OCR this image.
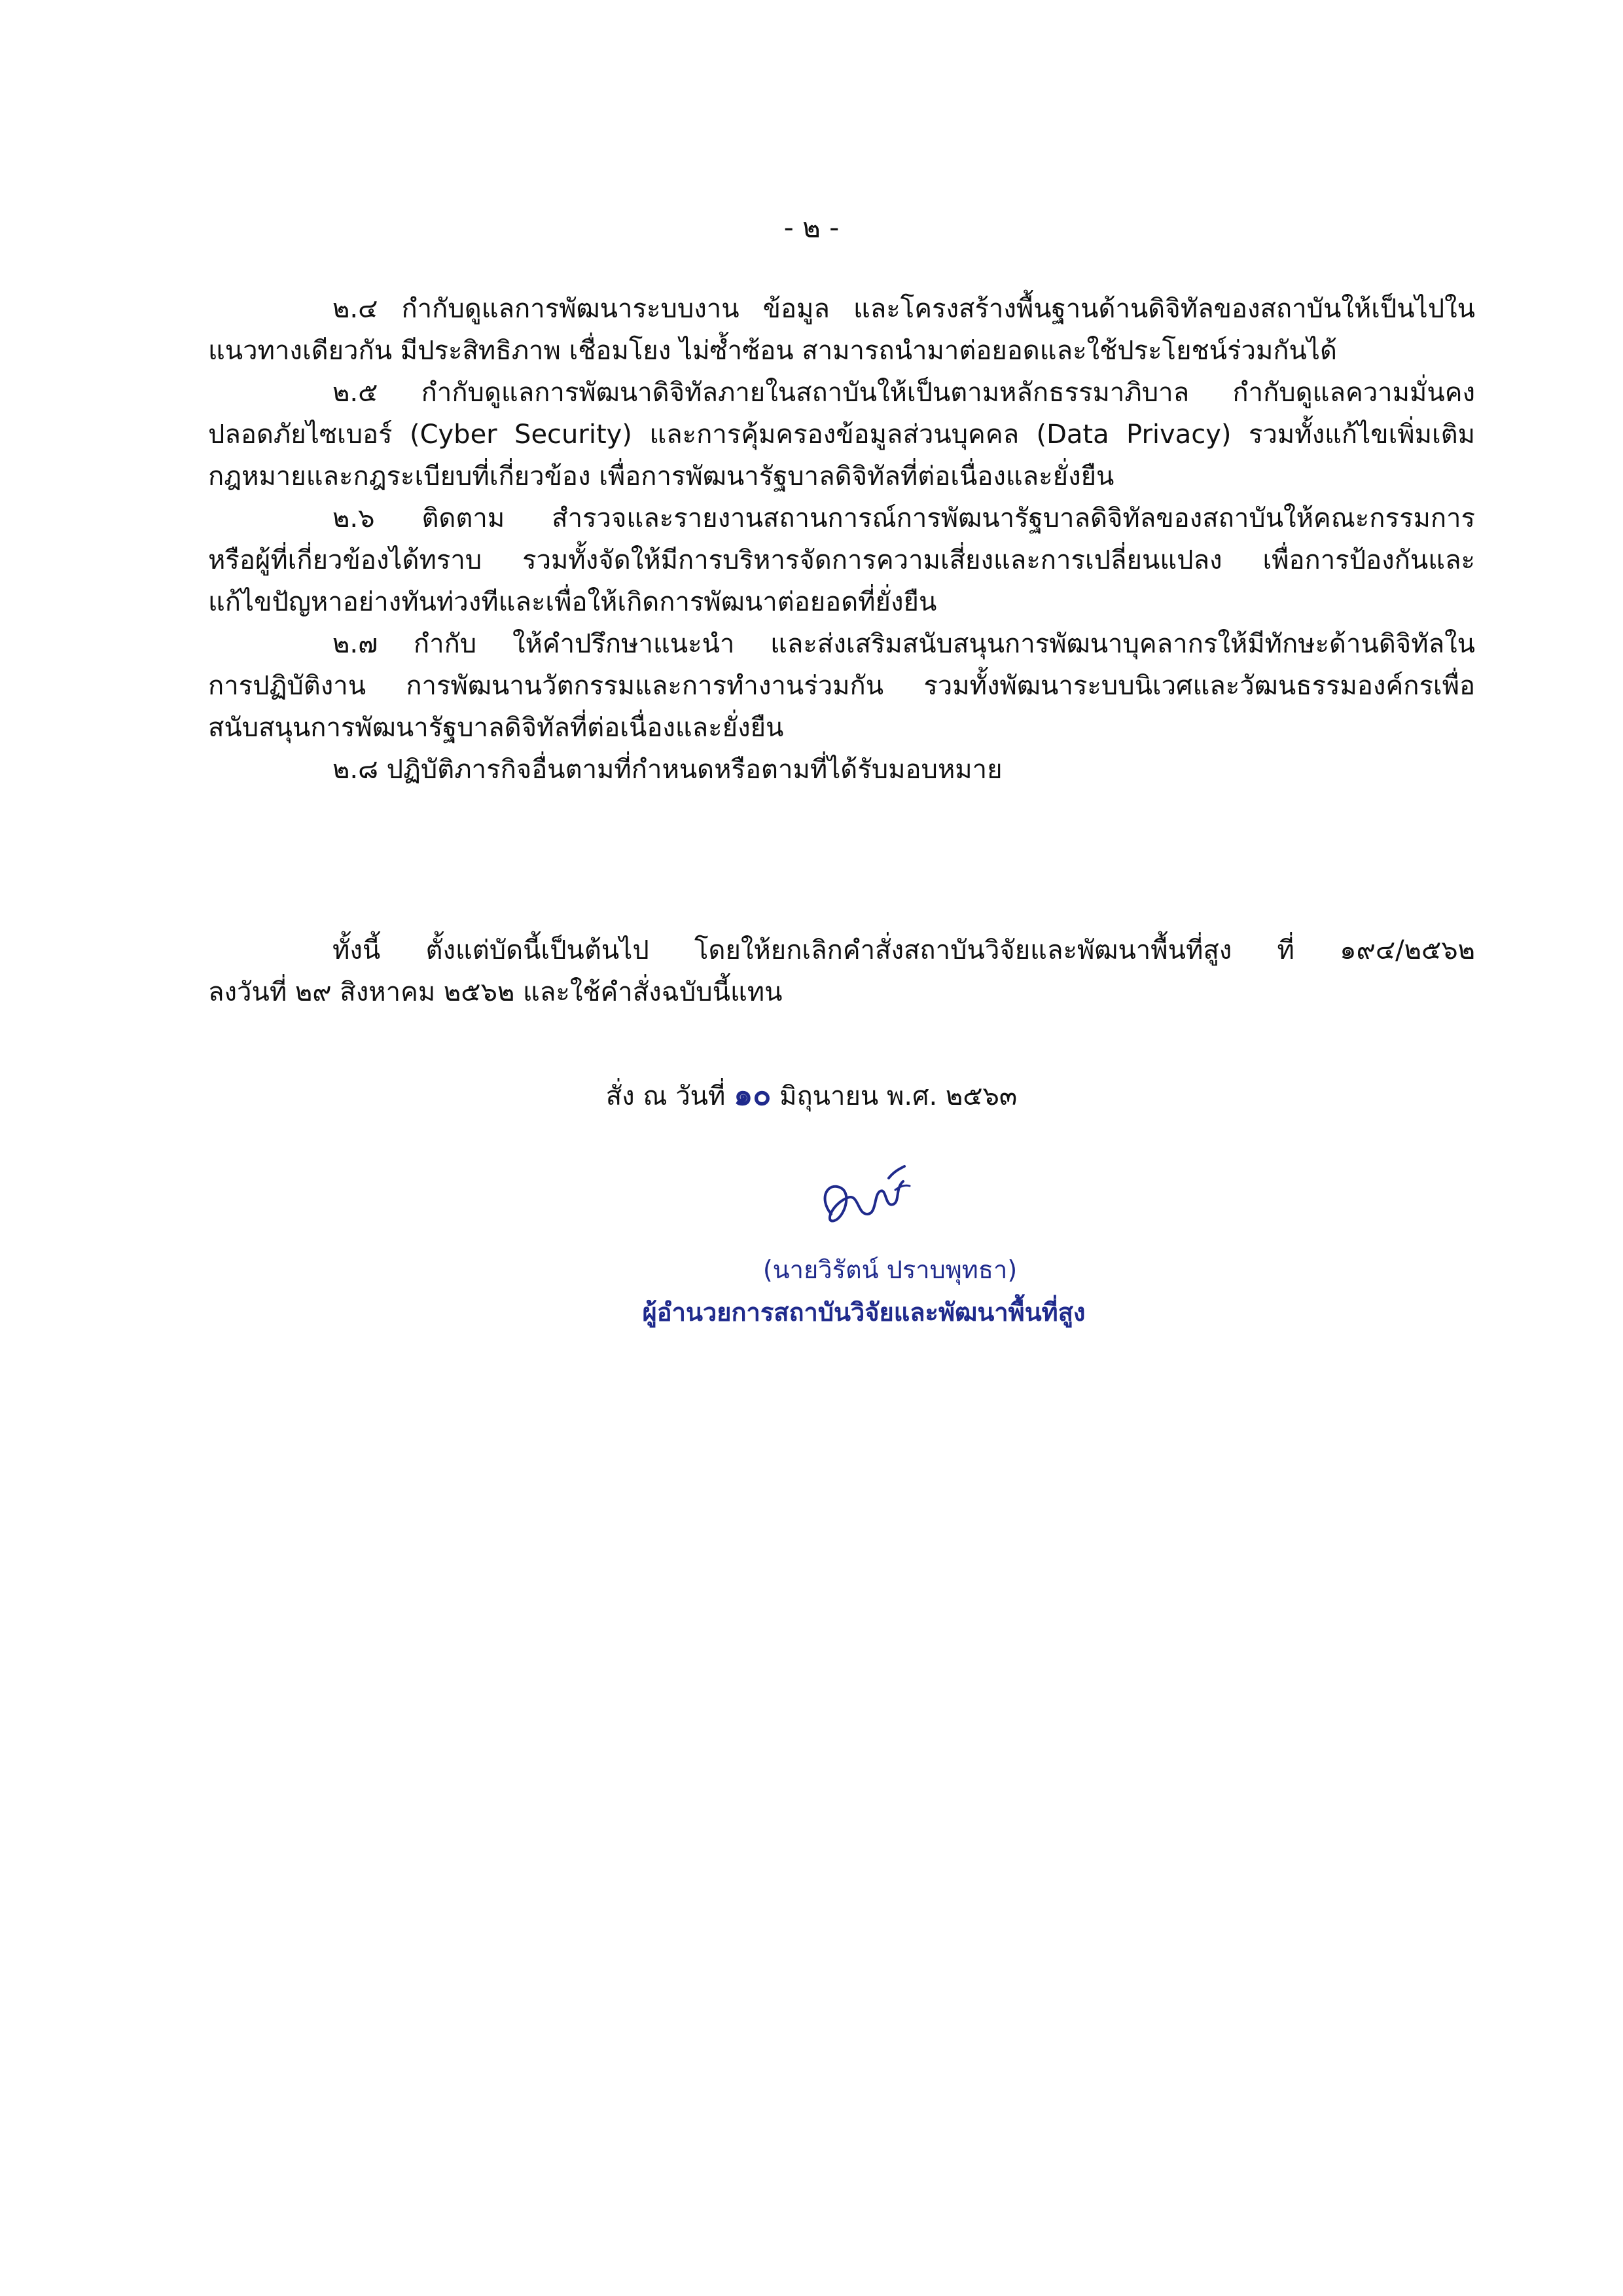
- ๒ -
๒.๔ กำกับดูแลการพัฒนาระบบงาน ข้อมูล และโครงสร้างพื้นฐานด้านดิจิทัลของสถาบันให้เป็นไปใน
แนวทางเดียวกัน มีประสิทธิภาพ เชื่อมโยง ไม่ซ้ำซ้อน สามารถนำมาต่อยอดและใช้ประโยชน์ร่วมกันได้
๒.๕ กำกับดูแลการพัฒนาดิจิทัลภายในสถาบันให้เป็นตามหลักธรรมาภิบาล กำกับดูแลความมั่นคง
ปลอดภัยไซเบอร์ (Cyber Security) และการคุ้มครองข้อมูลส่วนบุคคล (Data Privacy) รวมทั้งแก้ไขเพิ่มเติม
กฎหมายและกฎระเบียบที่เกี่ยวข้อง เพื่อการพัฒนารัฐบาลดิจิทัลที่ต่อเนื่องและยั่งยืน
๒.๖ ติดตาม สำรวจและรายงานสถานการณ์การพัฒนารัฐบาลดิจิทัลของสถาบันให้คณะกรรมการ
หรือผู้ที่เกี่ยวข้องได้ทราบ รวมทั้งจัดให้มีการบริหารจัดการความเสี่ยงและการเปลี่ยนแปลง เพื่อการป้องกันและ
แก้ไขปัญหาอย่างทันท่วงทีและเพื่อให้เกิดการพัฒนาต่อยอดที่ยั่งยืน
๒.๗ กำกับ ให้คำปรึกษาแนะนำ และส่งเสริมสนับสนุนการพัฒนาบุคลากรให้มีทักษะด้านดิจิทัลใน
การปฏิบัติงาน การพัฒนานวัตกรรมและการทำงานร่วมกัน รวมทั้งพัฒนาระบบนิเวศและวัฒนธรรมองค์กรเพื่อ
สนับสนุนการพัฒนารัฐบาลดิจิทัลที่ต่อเนื่องและยั่งยืน
๒.๘ ปฏิบัติภารกิจอื่นตามที่กำหนดหรือตามที่ได้รับมอบหมาย
ทั้งนี้ ตั้งแต่บัดนี้เป็นต้นไป โดยให้ยกเลิกคำสั่งสถาบันวิจัยและพัฒนาพื้นที่สูง ที่ ๑๙๔/๒๕๖๒
ลงวันที่ ๒๙ สิงหาคม ๒๕๖๒ และใช้คำสั่งฉบับนี้แทน
สั่ง ณ วันที่ ๑๐ มิถุนายน พ.ศ. ๒๕๖๓
(นายวิรัตน์ ปราบพุทธา)
ผู้อำนวยการสถาบันวิจัยและพัฒนาพื้นที่สูง
